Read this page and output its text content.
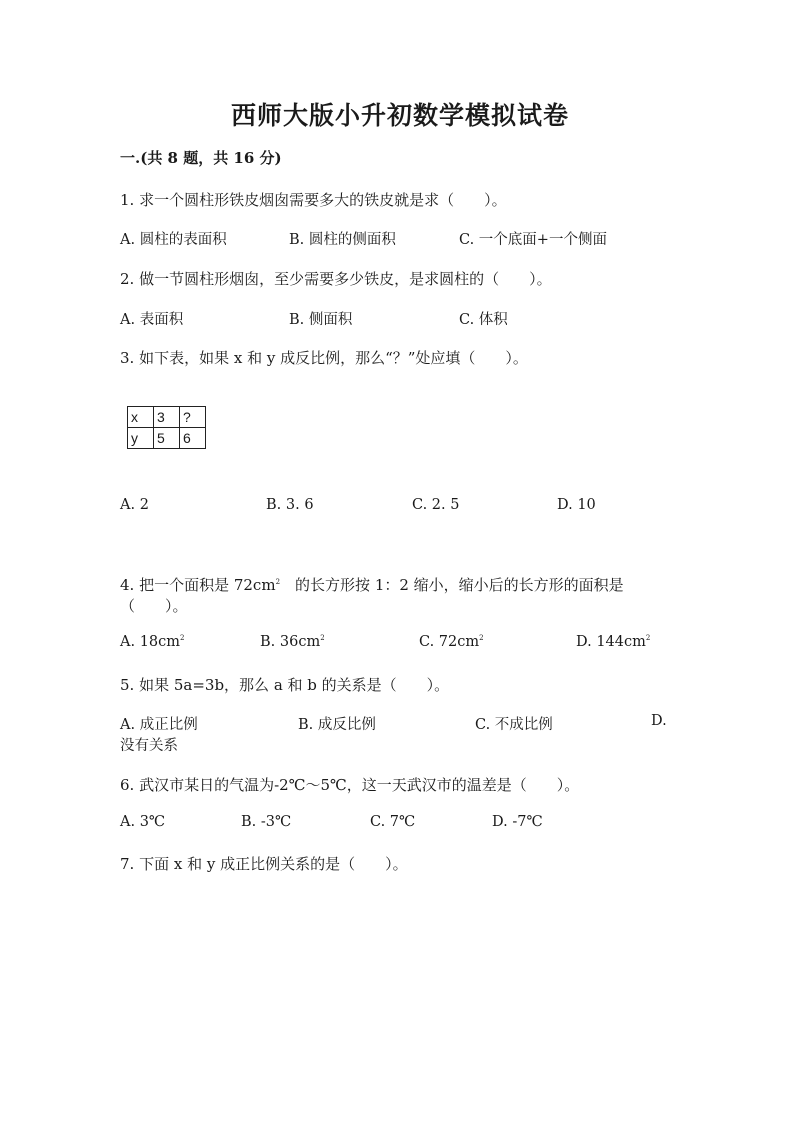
西师大版小升初数学模拟试卷
一.(共 8 题，共 16 分)
1. 求一个圆柱形铁皮烟囱需要多大的铁皮就是求（　　）。
A. 圆柱的表面积	B. 圆柱的侧面积	C. 一个底面+一个侧面
2. 做一节圆柱形烟囱，至少需要多少铁皮，是求圆柱的（　　）。
A. 表面积	B. 侧面积	C. 体积
3. 如下表，如果 x 和 y 成反比例，那么“？”处应填（　　）。
x	3	?
y	5	6
A. 2	B. 3. 6	C. 2. 5	D. 10
4. 把一个面积是 $72cm^2$　 的长方形按 1：2 缩小，缩小后的长方形的面积是
（　　）。
A. $18cm^2$	B. $36cm^2$	C. $72cm^2$	D. $144cm^2$
5. 如果 5a=3b，那么 a 和 b 的关系是（　　）。
A. 成正比例	B. 成反比例	C. 不成比例	D.
没有关系
6. 武汉市某日的气温为-2℃～5℃，这一天武汉市的温差是（　　）。
A. 3℃	B. -3℃	C. 7℃	D. -7℃
7. 下面 x 和 y 成正比例关系的是（　　）。
